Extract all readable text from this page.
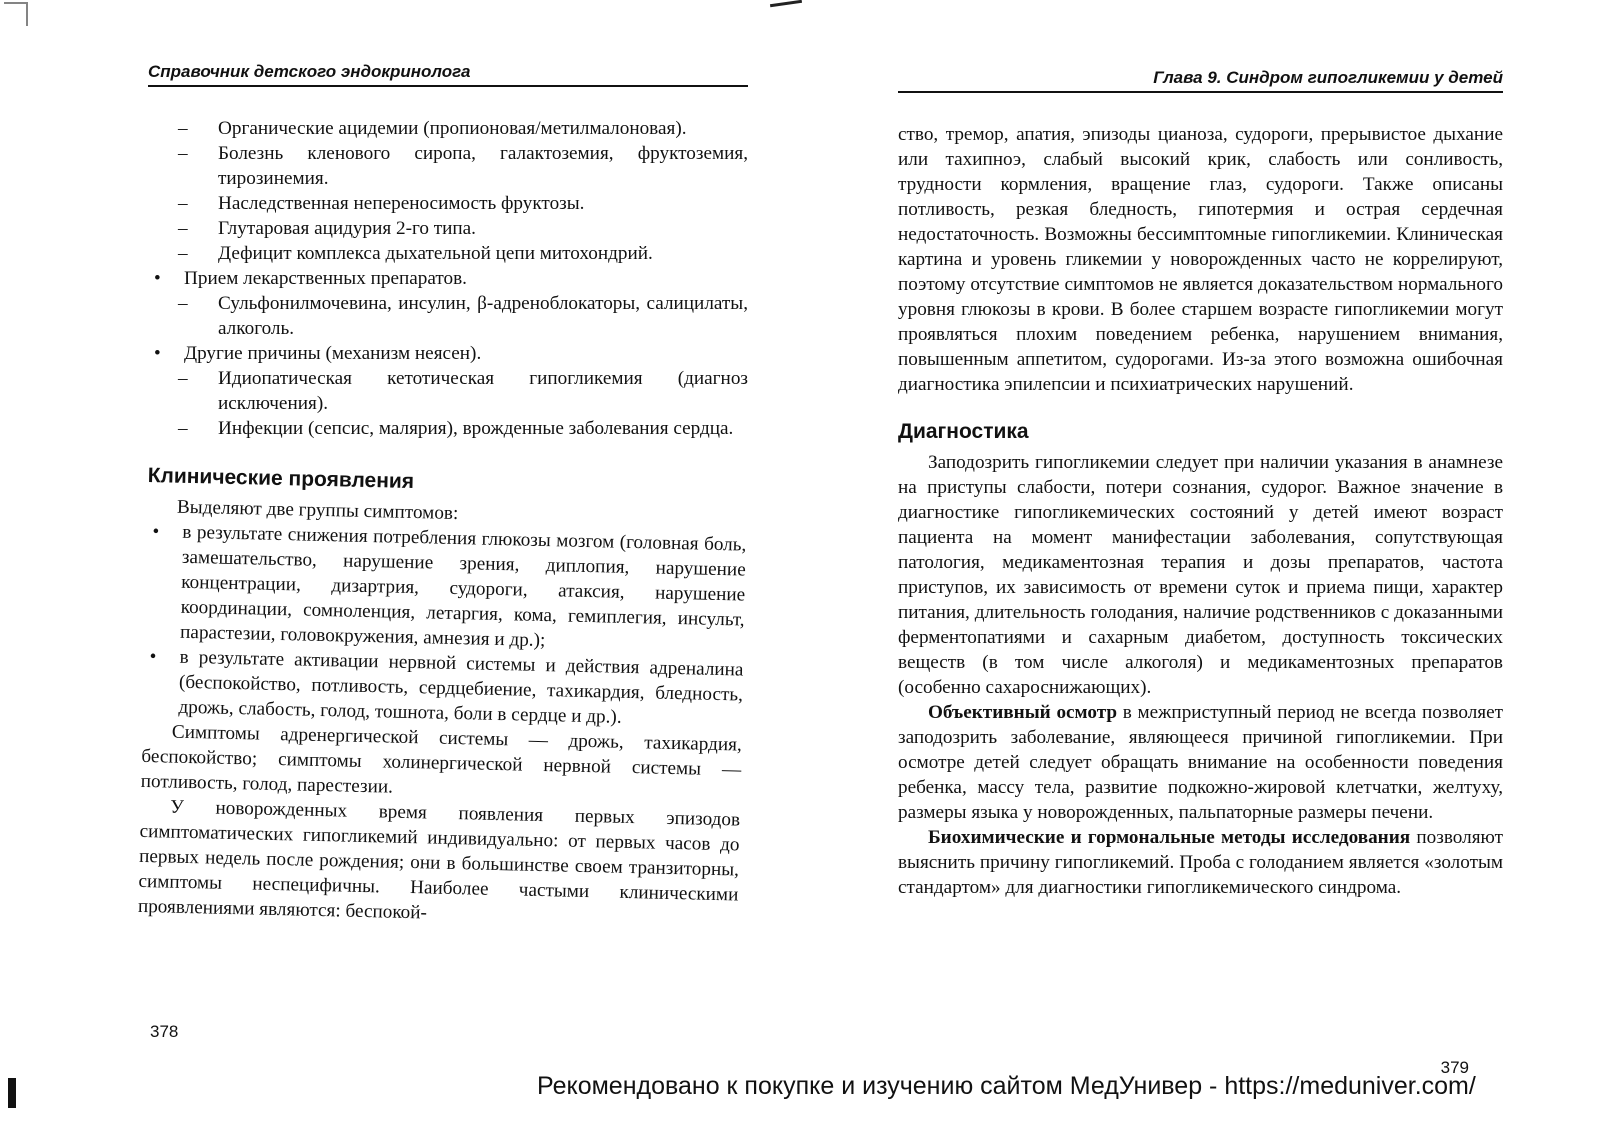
Справочник детского эндокринолога
– Органические ацидемии (пропионовая/метилмалоновая).
– Болезнь кленового сиропа, галактоземия, фруктоземия, тирозинемия.
– Наследственная непереносимость фруктозы.
– Глутаровая ацидурия 2-го типа.
– Дефицит комплекса дыхательной цепи митохондрий.
• Прием лекарственных препаратов.
– Сульфонилмочевина, инсулин, β-адреноблокаторы, салицилаты, алкоголь.
• Другие причины (механизм неясен).
– Идиопатическая кетотическая гипогликемия (диагноз исключения).
– Инфекции (сепсис, малярия), врожденные заболевания сердца.
Клинические проявления

Выделяют две группы симптомов:

• в результате снижения потребления глюкозы мозгом (головная боль, замешательство, нарушение зрения, диплопия, нарушение концентрации, дизартрия, судороги, атаксия, нарушение координации, сомноленция, летаргия, кома, гемиплегия, инсульт, парастезии, головокружения, амнезия и др.);
• в результате активации нервной системы и действия адреналина (беспокойство, потливость, сердцебиение, тахикардия, бледность, дрожь, слабость, голод, тошнота, боли в сердце и др.).

Симптомы адренергической системы — дрожь, тахикардия, беспокойство; симптомы холинергической нервной системы — потливость, голод, парестезии.

У новорожденных время появления первых эпизодов симптоматических гипогликемий индивидуально: от первых часов до первых недель после рождения; они в большинстве своем транзиторны, симптомы неспецифичны. Наиболее частыми клиническими проявлениями являются: беспокой-

378
Глава 9. Синдром гипогликемии у детей

ство, тремор, апатия, эпизоды цианоза, судороги, прерывистое дыхание или тахипноэ, слабый высокий крик, слабость или сонливость, трудности кормления, вращение глаз, судороги. Также описаны потливость, резкая бледность, гипотермия и острая сердечная недостаточность. Возможны бессимптомные гипогликемии. Клиническая картина и уровень гликемии у новорожденных часто не коррелируют, поэтому отсутствие симптомов не является доказательством нормального уровня глюкозы в крови. В более старшем возрасте гипогликемии могут проявляться плохим поведением ребенка, нарушением внимания, повышенным аппетитом, судорогами. Из-за этого возможна ошибочная диагностика эпилепсии и психиатрических нарушений.

Диагностика

Заподозрить гипогликемии следует при наличии указания в анамнезе на приступы слабости, потери сознания, судорог. Важное значение в диагностике гипогликемических состояний у детей имеют возраст пациента на момент манифестации заболевания, сопутствующая патология, медикаментозная терапия и дозы препаратов, частота приступов, их зависимость от времени суток и приема пищи, характер питания, длительность голодания, наличие родственников с доказанными ферментопатиями и сахарным диабетом, доступность токсических веществ (в том числе алкоголя) и медикаментозных препаратов (особенно сахароснижающих).

Объективный осмотр в межприступный период не всегда позволяет заподозрить заболевание, являющееся причиной гипогликемии. При осмотре детей следует обращать внимание на особенности поведения ребенка, массу тела, развитие подкожно-жировой клетчатки, желтуху, размеры языка у новорожденных, пальпаторные размеры печени.

Биохимические и гормональные методы исследования позволяют выяснить причину гипогликемий. Проба с голоданием является «золотым стандартом» для диагностики гипогликемического синдрома.

379
Рекомендовано к покупке и изучению сайтом МедУнивер - https://meduniver.com/
